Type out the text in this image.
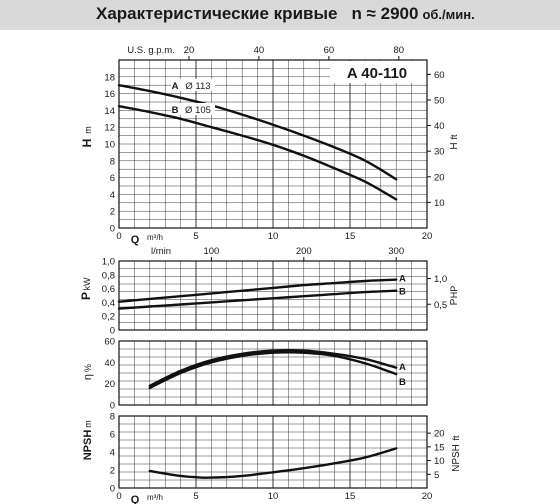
Характеристические кривые n ≈ 2900 об./мин.
0
2
4
6
8
10
12
14
16
18
10
20
30
40
50
60
20	40	60	80
U.S. g.p.m.
0	5	10	15	20
Q m³/h
H
m
H
ft
A 40-110
A Ø 113
B Ø 105
0
0,2
0,4
0,6
0,8
1,0
0,5
1,0
100	200	300
l/min
P
kW
P
HP
A
B
0
20
40
60
η
%	A
B
0
2
4
6
8
5
10
15
20
0	5	10	15	20
Q m³/h
NPSH
m
NPSH
ft
